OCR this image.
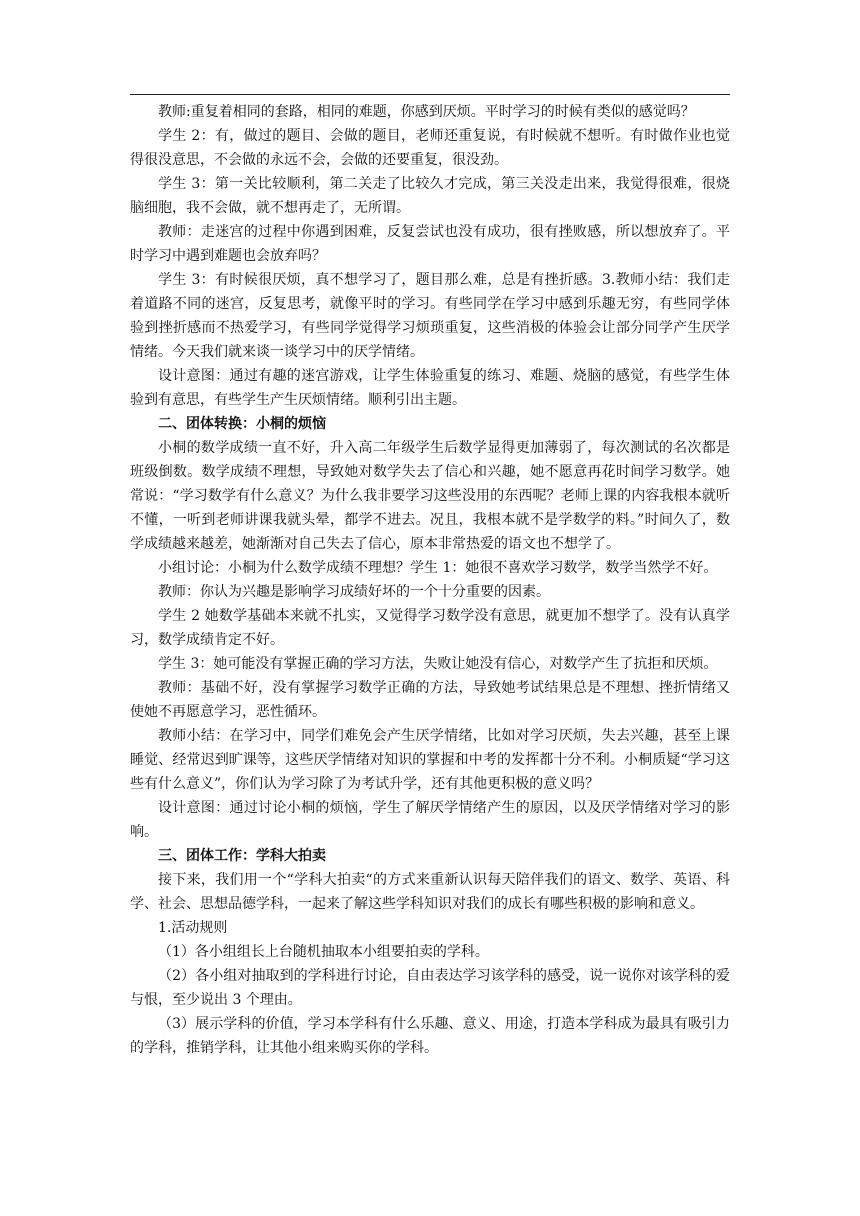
教师:重复着相同的套路，相同的难题，你感到厌烦。平时学习的时候有类似的感觉吗？

学生 2：有，做过的题目、会做的题目，老师还重复说，有时候就不想听。有时做作业也觉得很没意思，不会做的永远不会，会做的还要重复，很没劲。

学生 3：第一关比较顺利，第二关走了比较久才完成，第三关没走出来，我觉得很难，很烧脑细胞，我不会做，就不想再走了，无所谓。

教师：走迷宫的过程中你遇到困难，反复尝试也没有成功，很有挫败感，所以想放弃了。平时学习中遇到难题也会放弃吗？

学生 3：有时候很厌烦，真不想学习了，题目那么难，总是有挫折感。3.教师小结：我们走着道路不同的迷宫，反复思考，就像平时的学习。有些同学在学习中感到乐趣无穷，有些同学体验到挫折感而不热爱学习，有些同学觉得学习烦琐重复，这些消极的体验会让部分同学产生厌学情绪。今天我们就来谈一谈学习中的厌学情绪。

设计意图：通过有趣的迷宫游戏，让学生体验重复的练习、难题、烧脑的感觉，有些学生体验到有意思，有些学生产生厌烦情绪。顺利引出主题。

二、团体转换：小桐的烦恼

小桐的数学成绩一直不好，升入高二年级学生后数学显得更加薄弱了，每次测试的名次都是班级倒数。数学成绩不理想，导致她对数学失去了信心和兴趣，她不愿意再花时间学习数学。她常说：“学习数学有什么意义？为什么我非要学习这些没用的东西呢？老师上课的内容我根本就听不懂，一听到老师讲课我就头晕，都学不进去。况且，我根本就不是学数学的料。”时间久了，数学成绩越来越差，她渐渐对自己失去了信心，原本非常热爱的语文也不想学了。

小组讨论：小桐为什么数学成绩不理想？学生 1：她很不喜欢学习数学，数学当然学不好。

教师：你认为兴趣是影响学习成绩好坏的一个十分重要的因素。

学生 2 她数学基础本来就不扎实，又觉得学习数学没有意思，就更加不想学了。没有认真学习，数学成绩肯定不好。

学生 3：她可能没有掌握正确的学习方法，失败让她没有信心，对数学产生了抗拒和厌烦。

教师：基础不好，没有掌握学习数学正确的方法，导致她考试结果总是不理想、挫折情绪又使她不再愿意学习，恶性循环。

教师小结：在学习中，同学们难免会产生厌学情绪，比如对学习厌烦，失去兴趣，甚至上课睡觉、经常迟到旷课等，这些厌学情绪对知识的掌握和中考的发挥都十分不利。小桐质疑“学习这些有什么意义”，你们认为学习除了为考试升学，还有其他更积极的意义吗？

设计意图：通过讨论小桐的烦恼，学生了解厌学情绪产生的原因，以及厌学情绪对学习的影响。

三、团体工作：学科大拍卖

接下来，我们用一个“学科大拍卖“的方式来重新认识每天陪伴我们的语文、数学、英语、科学、社会、思想品德学科，一起来了解这些学科知识对我们的成长有哪些积极的影响和意义。

1.活动规则

（1）各小组组长上台随机抽取本小组要拍卖的学科。

（2）各小组对抽取到的学科进行讨论，自由表达学习该学科的感受，说一说你对该学科的爱与恨，至少说出 3 个理由。

（3）展示学科的价值，学习本学科有什么乐趣、意义、用途，打造本学科成为最具有吸引力的学科，推销学科，让其他小组来购买你的学科。
